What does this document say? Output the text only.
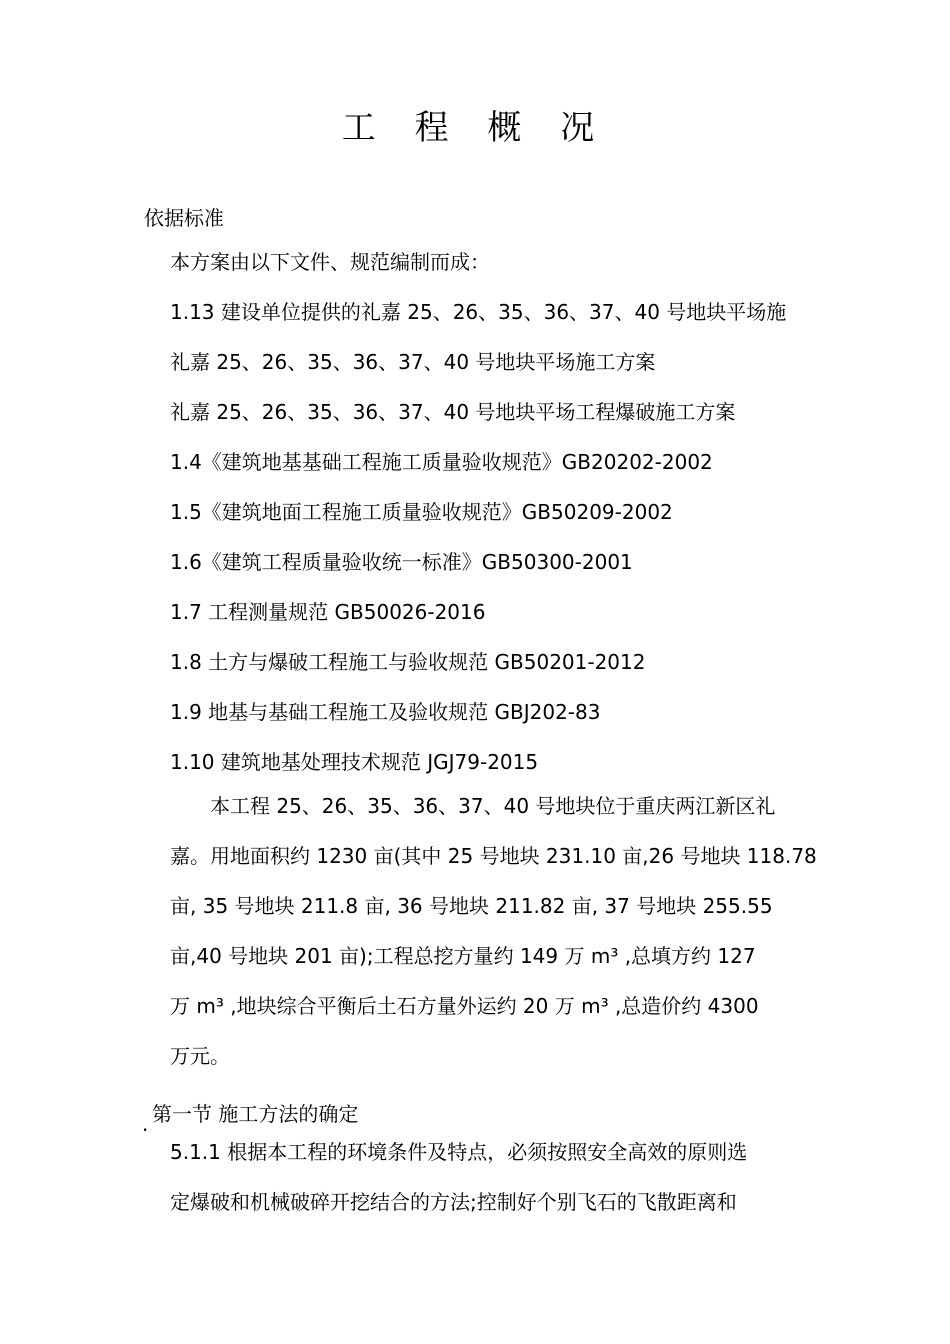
工 程 概 况
依据标准
本方案由以下文件、规范编制而成：
1.13 建设单位提供的礼嘉 25、26、35、36、37、40 号地块平场施
礼嘉 25、26、35、36、37、40 号地块平场施工方案
礼嘉 25、26、35、36、37、40 号地块平场工程爆破施工方案
1.4《建筑地基基础工程施工质量验收规范》GB20202-2002
1.5《建筑地面工程施工质量验收规范》GB50209-2002
1.6《建筑工程质量验收统一标准》GB50300-2001
1.7 工程测量规范 GB50026-2016
1.8 土方与爆破工程施工与验收规范 GB50201-2012
1.9 地基与基础工程施工及验收规范 GBJ202-83
1.10 建筑地基处理技术规范 JGJ79-2015
本工程 25、26、35、36、37、40 号地块位于重庆两江新区礼
嘉。用地面积约 1230 亩(其中 25 号地块 231.10 亩,26 号地块 118.78
亩, 35 号地块 211.8 亩, 36 号地块 211.82 亩, 37 号地块 255.55
亩,40 号地块 201 亩);工程总挖方量约 149 万 m³ ,总填方约 127
万 m³ ,地块综合平衡后土石方量外运约 20 万 m³ ,总造价约 4300
万元。
. 第一节 施工方法的确定
5.1.1 根据本工程的环境条件及特点，必须按照安全高效的原则选
定爆破和机械破碎开挖结合的方法;控制好个别飞石的飞散距离和
